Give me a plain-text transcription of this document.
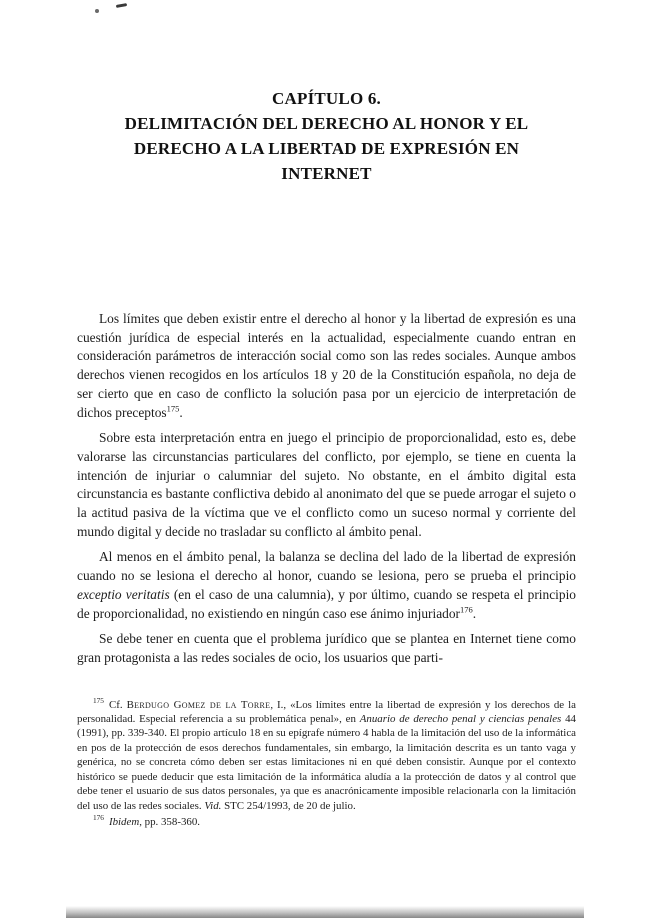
CAPÍTULO 6.
DELIMITACIÓN DEL DERECHO AL HONOR Y EL
DERECHO A LA LIBERTAD DE EXPRESIÓN EN
INTERNET

Los límites que deben existir entre el derecho al honor y la libertad de expresión es una cuestión jurídica de especial interés en la actualidad, especialmente cuando entran en consideración parámetros de interacción social como son las redes sociales. Aunque ambos derechos vienen recogidos en los artículos 18 y 20 de la Constitución española, no deja de ser cierto que en caso de conflicto la solución pasa por un ejercicio de interpretación de dichos preceptos$^{175}$.

Sobre esta interpretación entra en juego el principio de proporcionalidad, esto es, debe valorarse las circunstancias particulares del conflicto, por ejemplo, se tiene en cuenta la intención de injuriar o calumniar del sujeto. No obstante, en el ámbito digital esta circunstancia es bastante conflictiva debido al anonimato del que se puede arrogar el sujeto o la actitud pasiva de la víctima que ve el conflicto como un suceso normal y corriente del mundo digital y decide no trasladar su conflicto al ámbito penal.

Al menos en el ámbito penal, la balanza se declina del lado de la libertad de expresión cuando no se lesiona el derecho al honor, cuando se lesiona, pero se prueba el principio exceptio veritatis (en el caso de una calumnia), y por último, cuando se respeta el principio de proporcionalidad, no existiendo en ningún caso ese ánimo injuriador$^{176}$.

Se debe tener en cuenta que el problema jurídico que se plantea en Internet tiene como gran protagonista a las redes sociales de ocio, los usuarios que parti-

$^{175}$ Cf. Berdugo Gomez de la Torre, I., «Los límites entre la libertad de expresión y los derechos de la personalidad. Especial referencia a su problemática penal», en Anuario de derecho penal y ciencias penales 44 (1991), pp. 339-340. El propio artículo 18 en su epígrafe número 4 habla de la limitación del uso de la informática en pos de la protección de esos derechos fundamentales, sin embargo, la limitación descrita es un tanto vaga y genérica, no se concreta cómo deben ser estas limitaciones ni en qué deben consistir. Aunque por el contexto histórico se puede deducir que esta limitación de la informática aludía a la protección de datos y al control que debe tener el usuario de sus datos personales, ya que es anacrónicamente imposible relacionarla con la limitación del uso de las redes sociales. Vid. STC 254/1993, de 20 de julio.

$^{176}$ Ibidem, pp. 358-360.
